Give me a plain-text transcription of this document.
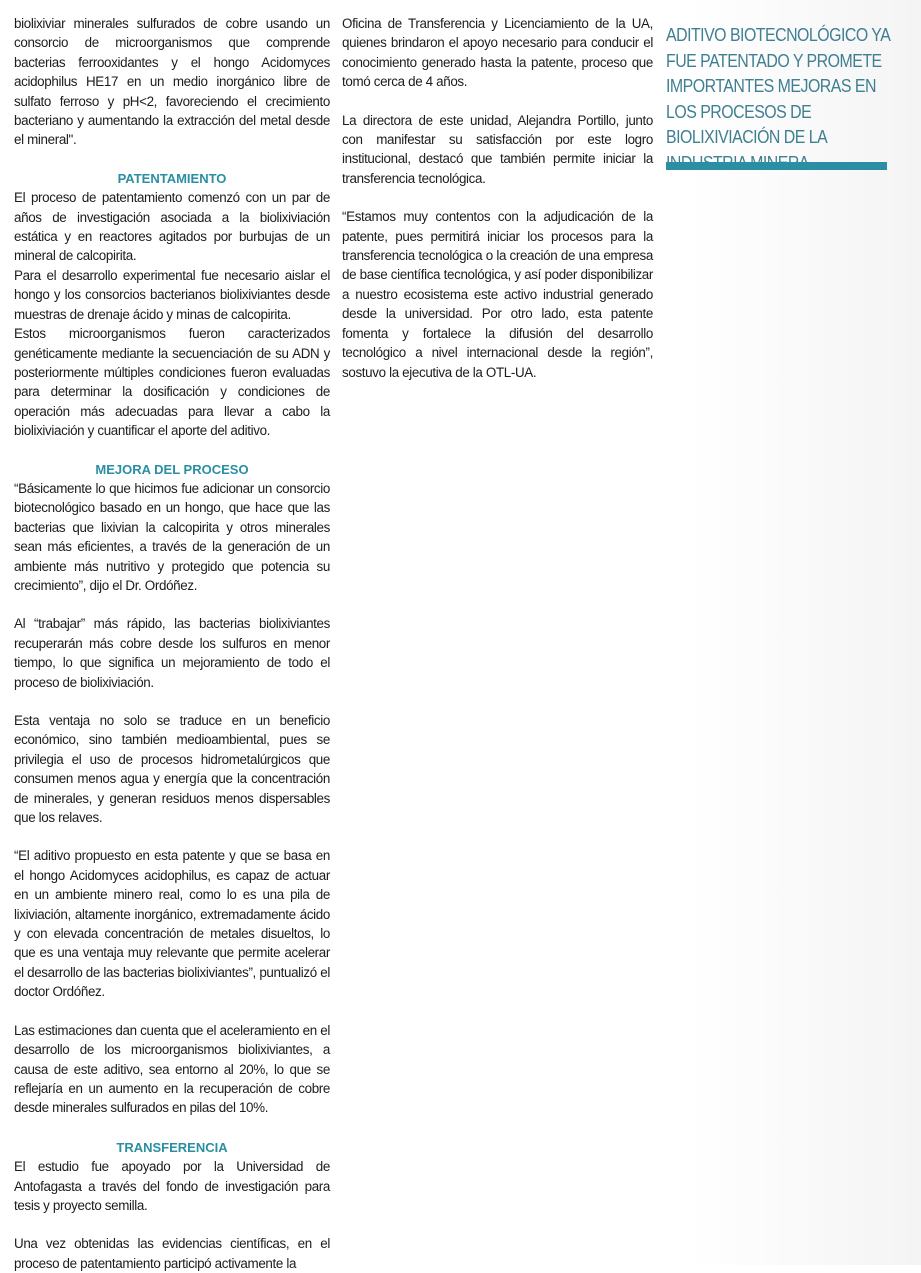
biolixiviar minerales sulfurados de cobre usando un consorcio de microorganismos que comprende bacterias ferrooxidantes y el hongo Acidomyces acidophilus HE17 en un medio inorgánico libre de sulfato ferroso y pH<2, favoreciendo el crecimiento bacteriano y aumentando la extracción del metal desde el mineral".

PATENTAMIENTO

El proceso de patentamiento comenzó con un par de años de investigación asociada a la biolixiviación estática y en reactores agitados por burbujas de un mineral de calcopirita.

Para el desarrollo experimental fue necesario aislar el hongo y los consorcios bacterianos biolixiviantes desde muestras de drenaje ácido y minas de calcopirita.

Estos microorganismos fueron caracterizados genéticamente mediante la secuenciación de su ADN y posteriormente múltiples condiciones fueron evaluadas para determinar la dosificación y condiciones de operación más adecuadas para llevar a cabo la biolixiviación y cuantificar el aporte del aditivo.

MEJORA DEL PROCESO

“Básicamente lo que hicimos fue adicionar un consorcio biotecnológico basado en un hongo, que hace que las bacterias que lixivian la calcopirita y otros minerales sean más eficientes, a través de la generación de un ambiente más nutritivo y protegido que potencia su crecimiento”, dijo el Dr. Ordóñez.

Al “trabajar” más rápido, las bacterias biolixiviantes recuperarán más cobre desde los sulfuros en menor tiempo, lo que significa un mejoramiento de todo el proceso de biolixiviación.

Esta ventaja no solo se traduce en un beneficio económico, sino también medioambiental, pues se privilegia el uso de procesos hidrometalúrgicos que consumen menos agua y energía que la concentración de minerales, y generan residuos menos dispersables que los relaves.

“El aditivo propuesto en esta patente y que se basa en el hongo Acidomyces acidophilus, es capaz de actuar en un ambiente minero real, como lo es una pila de lixiviación, altamente inorgánico, extremadamente ácido y con elevada concentración de metales disueltos, lo que es una ventaja muy relevante que permite acelerar el desarrollo de las bacterias biolixiviantes”, puntualizó el doctor Ordóñez.

Las estimaciones dan cuenta que el aceleramiento en el desarrollo de los microorganismos biolixiviantes, a causa de este aditivo, sea entorno al 20%, lo que se reflejaría en un aumento en la recuperación de cobre desde minerales sulfurados en pilas del 10%.

TRANSFERENCIA

El estudio fue apoyado por la Universidad de Antofagasta a través del fondo de investigación para tesis y proyecto semilla.

Una vez obtenidas las evidencias científicas, en el proceso de patentamiento participó activamente la

Oficina de Transferencia y Licenciamiento de la UA, quienes brindaron el apoyo necesario para conducir el conocimiento generado hasta la patente, proceso que tomó cerca de 4 años.

La directora de este unidad, Alejandra Portillo, junto con manifestar su satisfacción por este logro institucional, destacó que también permite iniciar la transferencia tecnológica.

“Estamos muy contentos con la adjudicación de la patente, pues permitirá iniciar los procesos para la transferencia tecnológica o la creación de una empresa de base científica tecnológica, y así poder disponibilizar a nuestro ecosistema este activo industrial generado desde la universidad. Por otro lado, esta patente fomenta y fortalece la difusión del desarrollo tecnológico a nivel internacional desde la región”, sostuvo la ejecutiva de la OTL-UA.

ADITIVO BIOTECNOLÓGICO YA FUE PATENTADO Y PROMETE IMPORTANTES MEJORAS EN LOS PROCESOS DE BIOLIXIVIACIÓN DE LA
